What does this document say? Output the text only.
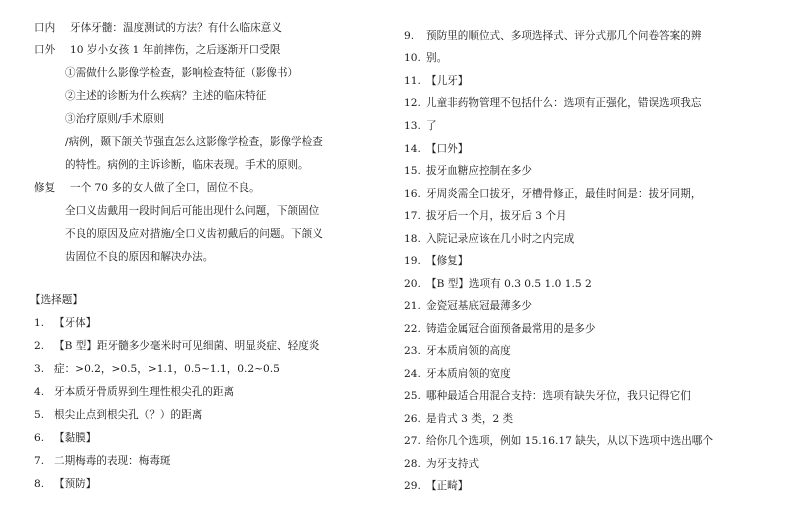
口内 牙体牙髓：温度测试的方法？有什么临床意义
口外 10 岁小女孩 1 年前摔伤，之后逐渐开口受限
①需做什么影像学检查，影响检查特征（影像书）
②主述的诊断为什么疾病？主述的临床特征
③治疗原则/手术原则
/病例，颞下颌关节强直怎么这影像学检查，影像学检查
的特性。病例的主诉诊断，临床表现。手术的原则。
修复 一个 70 多的女人做了全口，固位不良。
全口义齿戴用一段时间后可能出现什么问题，下颌固位
不良的原因及应对措施/全口义齿初戴后的问题。下颌义
齿固位不良的原因和解决办法。
【选择题】
1. 【牙体】
2. 【B 型】距牙髓多少毫米时可见细菌、明显炎症、轻度炎
3. 症：>0.2，>0.5，>1.1，0.5~1.1，0.2~0.5
4. 牙本质牙骨质界到生理性根尖孔的距离
5. 根尖止点到根尖孔（？）的距离
6. 【黏膜】
7. 二期梅毒的表现：梅毒斑
8. 【预防】
9.	预防里的顺位式、多项选择式、评分式那几个问卷答案的辨
10. 别。
11. 【儿牙】
12. 儿童非药物管理不包括什么：选项有正强化，错误选项我忘
13. 了
14. 【口外】
15. 拔牙血糖应控制在多少
16. 牙周炎需全口拔牙，牙槽骨修正，最佳时间是：拔牙同期，
17. 拔牙后一个月，拔牙后 3 个月
18. 入院记录应该在几小时之内完成
19. 【修复】
20. 【B 型】选项有 0.3 0.5 1.0 1.5 2
21. 金瓷冠基底冠最薄多少
22. 铸造金属冠合面预备最常用的是多少
23. 牙本质肩领的高度
24. 牙本质肩领的宽度
25. 哪种最适合用混合支持：选项有缺失牙位，我只记得它们
26. 是肯式 3 类，2 类
27. 给你几个选项，例如 15.16.17 缺失，从以下选项中选出哪个
28. 为牙支持式
29. 【正畸】
